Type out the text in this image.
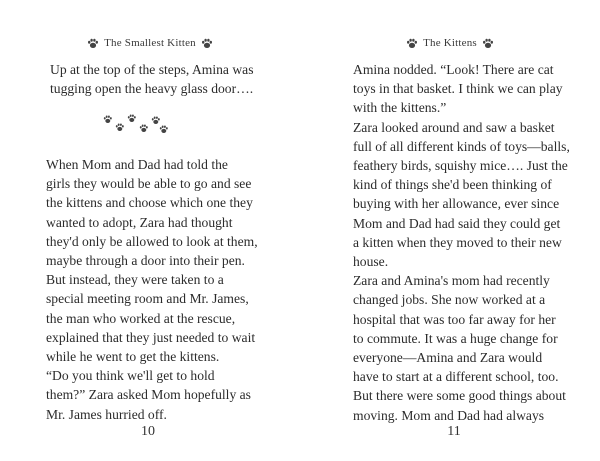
The Smallest Kitten
Up at the top of the steps, Amina was
tugging open the heavy glass door….
When Mom and Dad had told the
girls they would be able to go and see
the kittens and choose which one they
wanted to adopt, Zara had thought
they'd only be allowed to look at them,
maybe through a door into their pen.
But instead, they were taken to a
special meeting room and Mr. James,
the man who worked at the rescue,
explained that they just needed to wait
while he went to get the kittens.
“Do you think we'll get to hold
them?” Zara asked Mom hopefully as
Mr. James hurried off.
10
The Kittens
Amina nodded. “Look! There are cat
toys in that basket. I think we can play
with the kittens.”
Zara looked around and saw a basket
full of all different kinds of toys—balls,
feathery birds, squishy mice…. Just the
kind of things she'd been thinking of
buying with her allowance, ever since
Mom and Dad had said they could get
a kitten when they moved to their new
house.
Zara and Amina's mom had recently
changed jobs. She now worked at a
hospital that was too far away for her
to commute. It was a huge change for
everyone—Amina and Zara would
have to start at a different school, too.
But there were some good things about
moving. Mom and Dad had always
11
